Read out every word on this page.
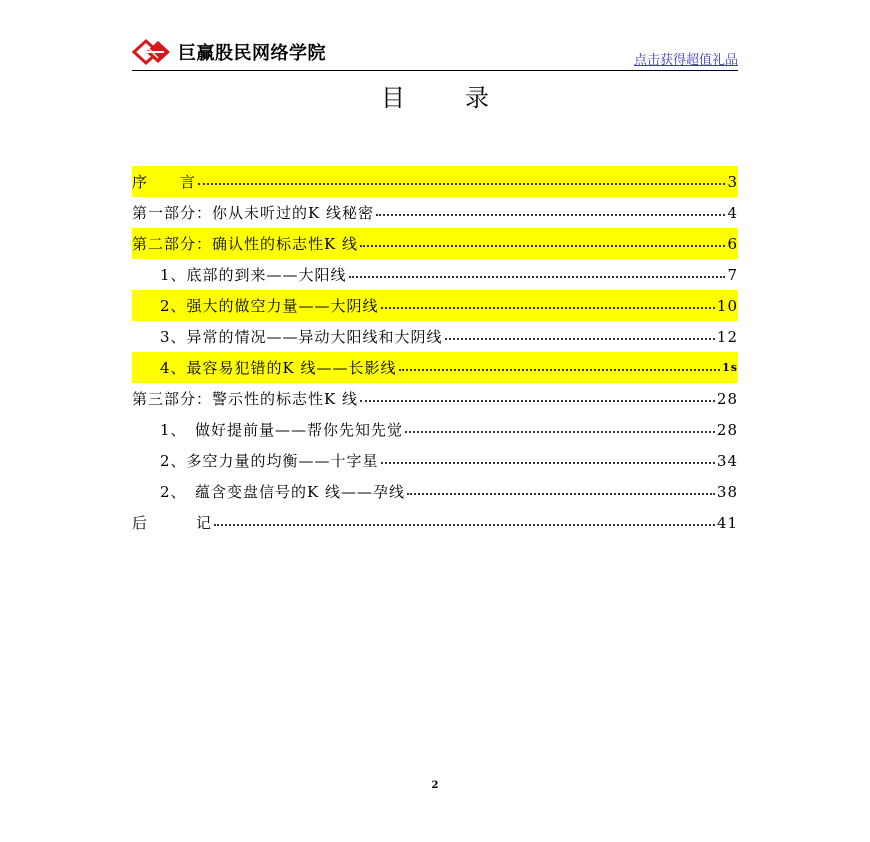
巨赢股民网络学院	点击获得超值礼品
目录
序　　言	3
第一部分：你从未听过的K 线秘密	4
第二部分：确认性的标志性K 线	6
1、底部的到来——大阳线	7
2、强大的做空力量——大阴线	10
3、异常的情况——异动大阳线和大阴线	12
4、最容易犯错的K 线——长影线	1s
第三部分：警示性的标志性K 线	28
1、　做好提前量——帮你先知先觉	28
2、多空力量的均衡——十字星	34
2、　蕴含变盘信号的K 线——孕线	38
后　　　记	41
2
